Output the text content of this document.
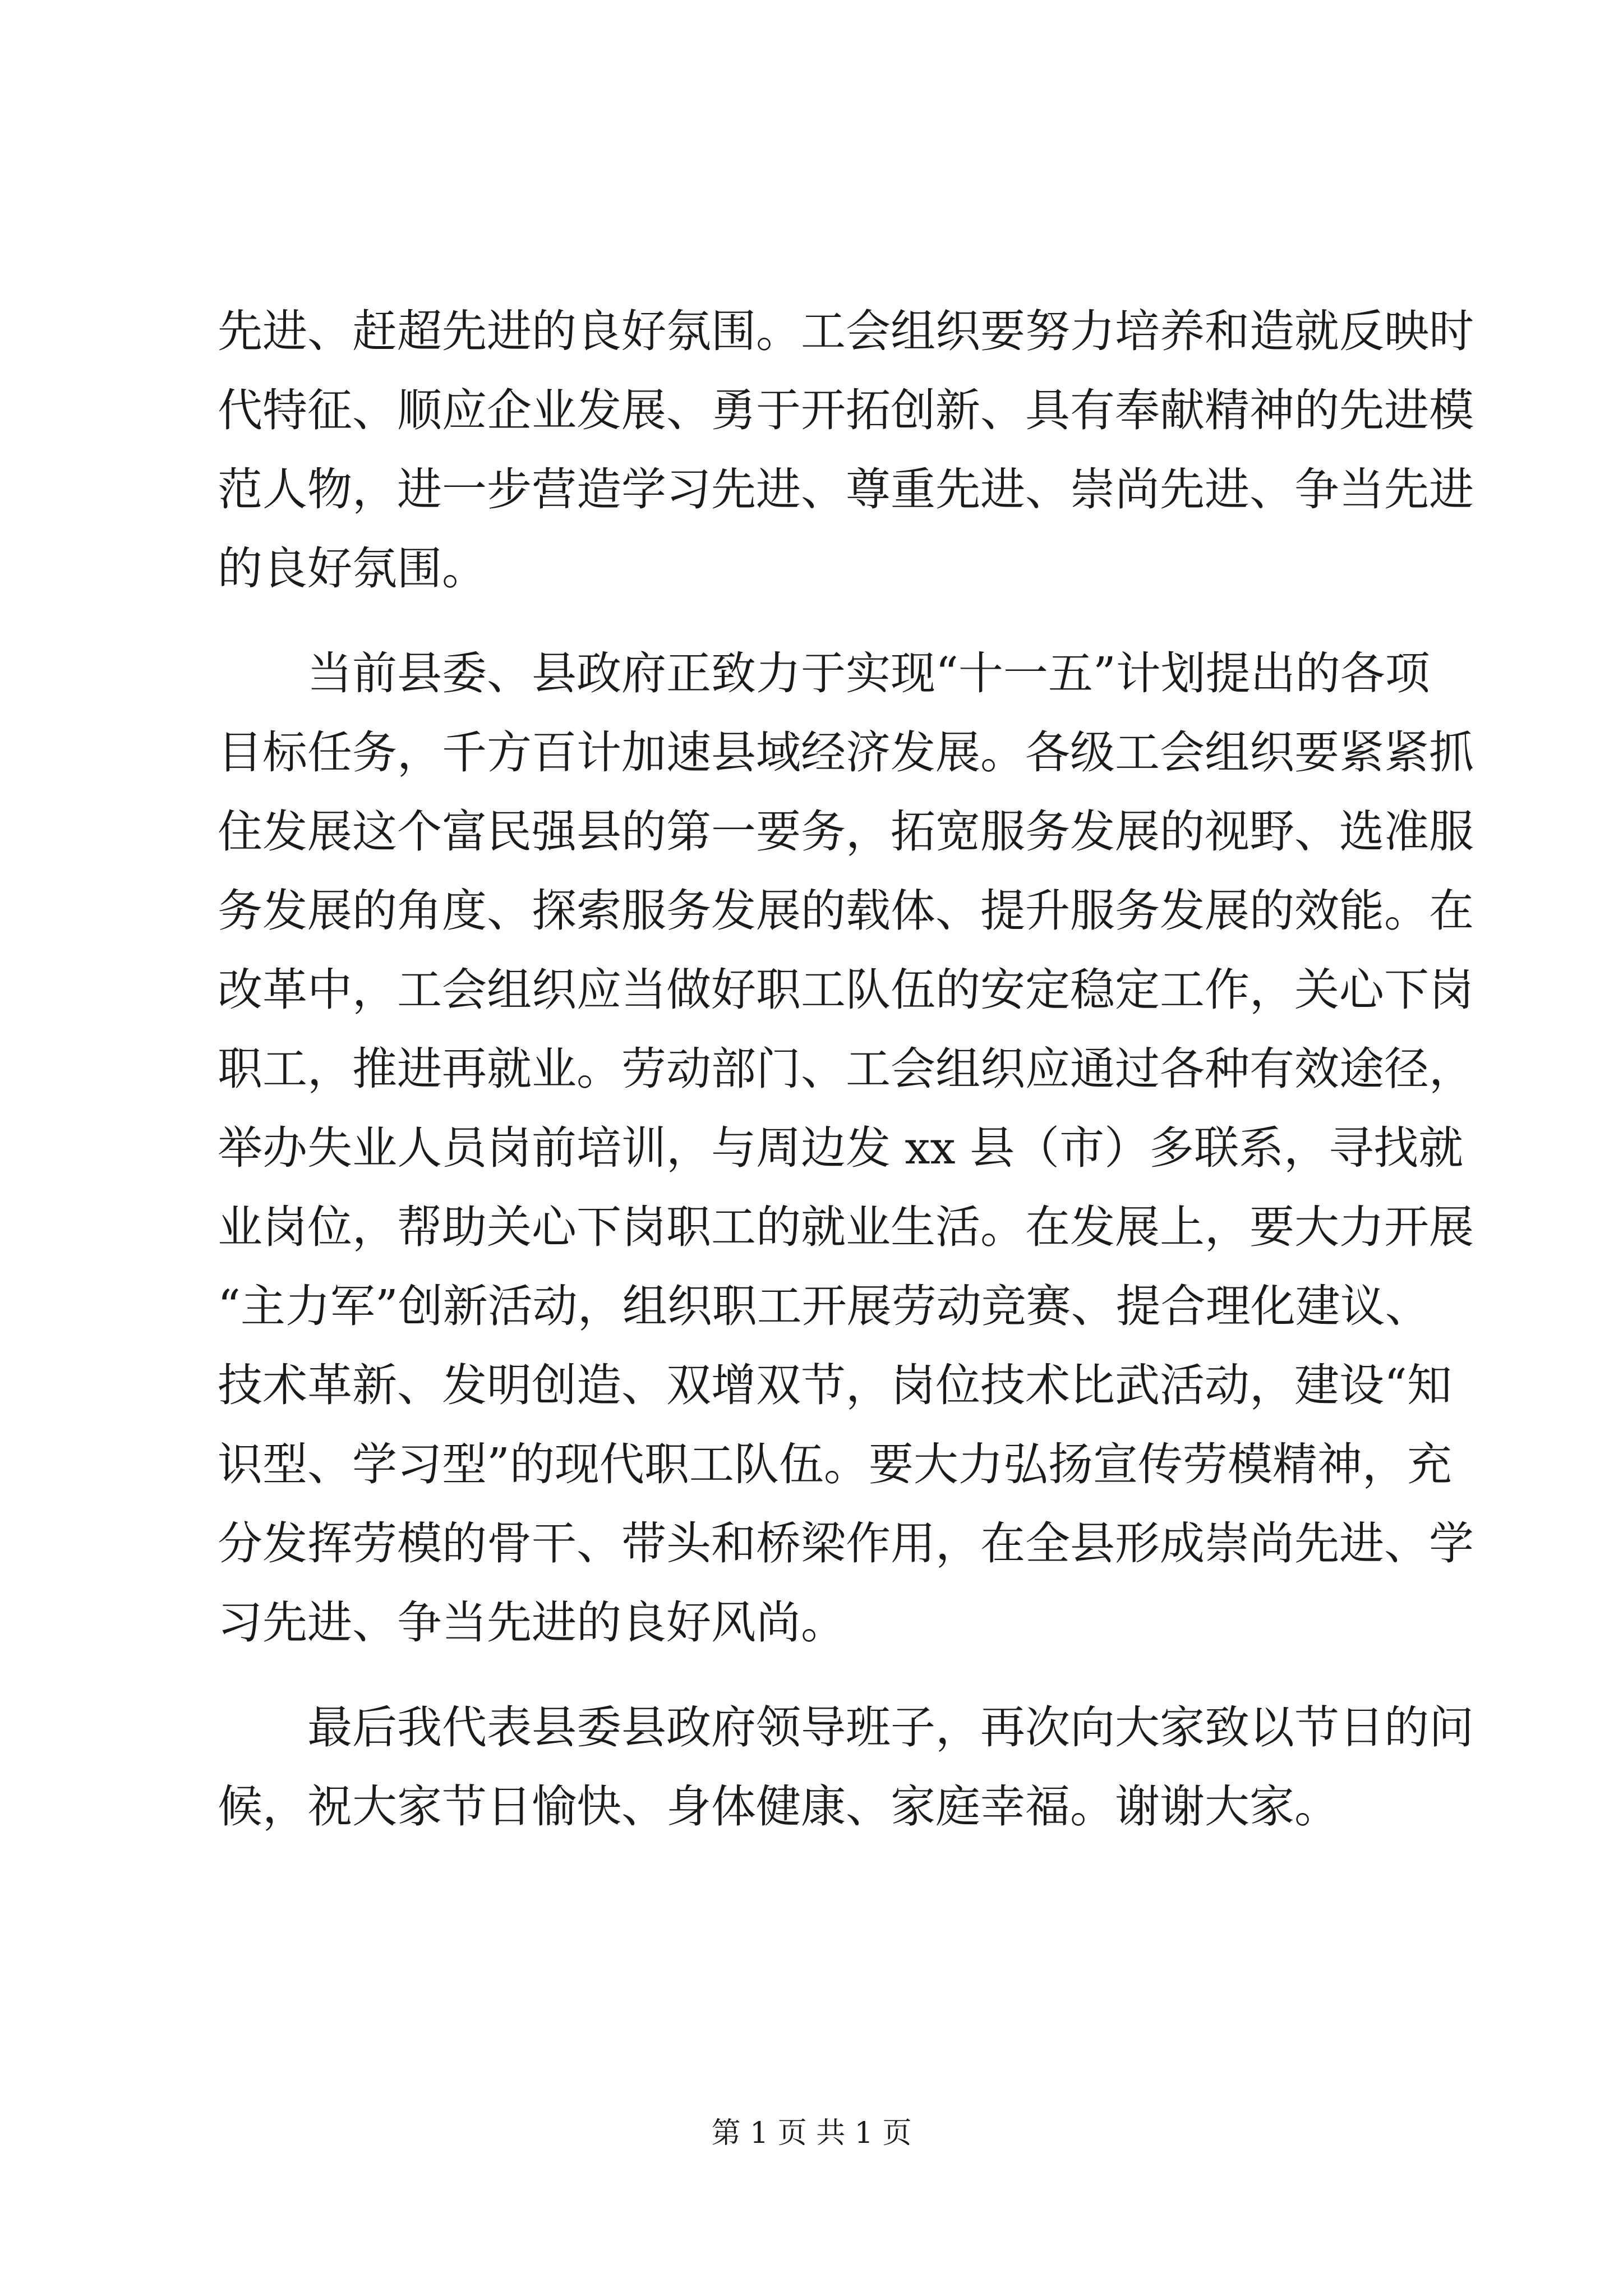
先进、赶超先进的良好氛围。工会组织要努力培养和造就反映时
代特征、顺应企业发展、勇于开拓创新、具有奉献精神的先进模
范人物，进一步营造学习先进、尊重先进、崇尚先进、争当先进
的良好氛围。
当前县委、县政府正致力于实现“十一五”计划提出的各项
目标任务，千方百计加速县域经济发展。各级工会组织要紧紧抓
住发展这个富民强县的第一要务，拓宽服务发展的视野、选准服
务发展的角度、探索服务发展的载体、提升服务发展的效能。在
改革中，工会组织应当做好职工队伍的安定稳定工作，关心下岗
职工，推进再就业。劳动部门、工会组织应通过各种有效途径，
举办失业人员岗前培训，与周边发 xx 县（市）多联系，寻找就
业岗位，帮助关心下岗职工的就业生活。在发展上，要大力开展
“主力军”创新活动，组织职工开展劳动竞赛、提合理化建议、
技术革新、发明创造、双增双节，岗位技术比武活动，建设“知
识型、学习型”的现代职工队伍。要大力弘扬宣传劳模精神，充
分发挥劳模的骨干、带头和桥梁作用，在全县形成崇尚先进、学
习先进、争当先进的良好风尚。
最后我代表县委县政府领导班子，再次向大家致以节日的问
候，祝大家节日愉快、身体健康、家庭幸福。谢谢大家。
第 1 页 共 1 页
